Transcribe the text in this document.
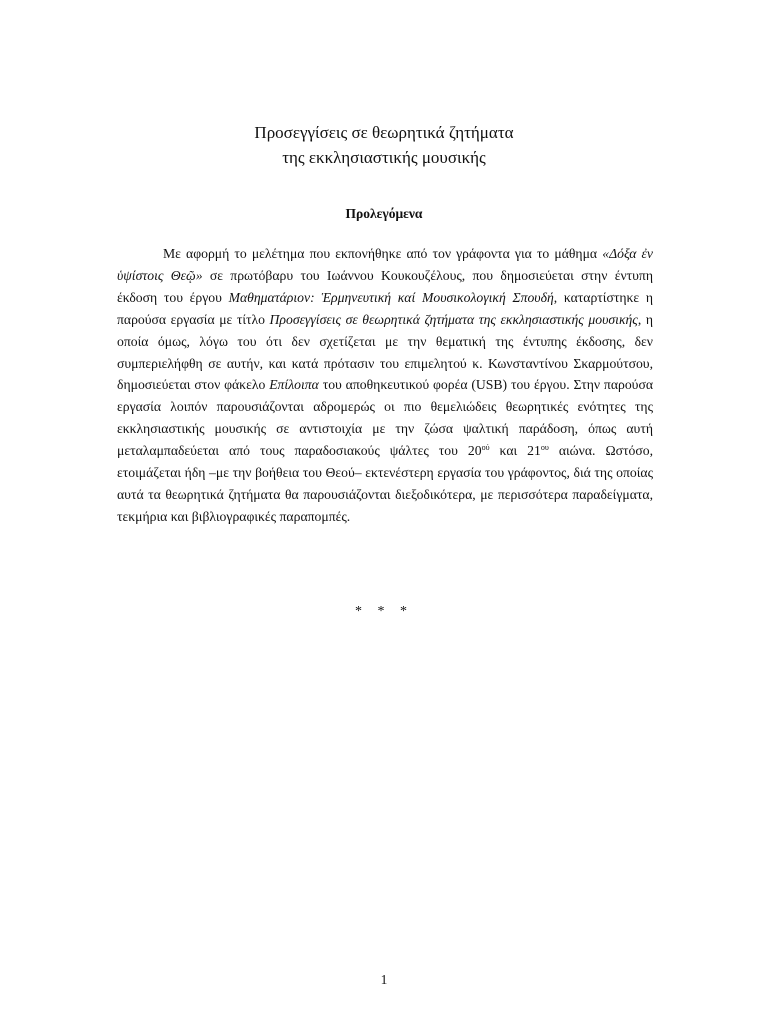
Προσεγγίσεις σε θεωρητικά ζητήματα
της εκκλησιαστικής μουσικής
Προλεγόμενα

Με αφορμή το μελέτημα που εκπονήθηκε από τον γράφοντα για το μάθημα «Δόξα ἐν ὑψίστοις Θεῷ» σε πρωτόβαρυ του Ιωάννου Κουκουζέλους, που δημοσιεύεται στην έντυπη έκδοση του έργου Μαθηματάριον: Ἑρμηνευτική καί Μουσικολογική Σπουδή, καταρτίστηκε η παρούσα εργασία με τίτλο Προσεγγίσεις σε θεωρητικά ζητήματα της εκκλησιαστικής μουσικής, η οποία όμως, λόγω του ότι δεν σχετίζεται με την θεματική της έντυπης έκδοσης, δεν συμπεριελήφθη σε αυτήν, και κατά πρότασιν του επιμελητού κ. Κωνσταντίνου Σκαρμούτσου, δημοσιεύεται στον φάκελο Επίλοιπα του αποθηκευτικού φορέα (USB) του έργου. Στην παρούσα εργασία λοιπόν παρουσιάζονται αδρομερώς οι πιο θεμελιώδεις θεωρητικές ενότητες της εκκλησιαστικής μουσικής σε αντιστοιχία με την ζώσα ψαλτική παράδοση, όπως αυτή μεταλαμπαδεύεται από τους παραδοσιακούς ψάλτες του $20^{oύ}$ και $21^{o\upsilon}$ αιώνα. Ωστόσο, ετοιμάζεται ήδη –με την βοήθεια του Θεού– εκτενέστερη εργασία του γράφοντος, διά της οποίας αυτά τα θεωρητικά ζητήματα θα παρουσιάζονται διεξοδικότερα, με περισσότερα παραδείγματα, τεκμήρια και βιβλιογραφικές παραπομπές.

* * *
1
